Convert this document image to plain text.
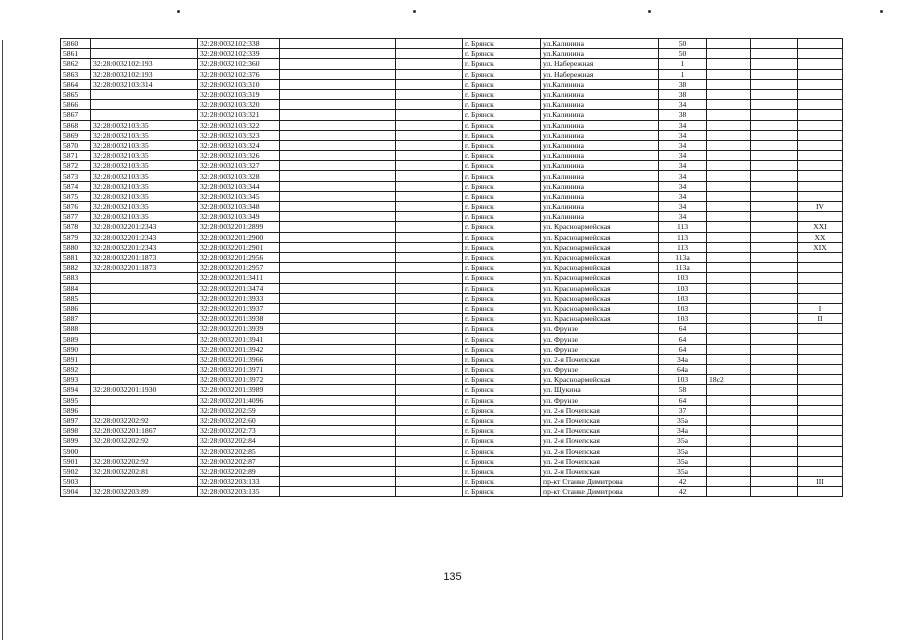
5860		32:28:0032102:338			г. Брянск	ул.Калинина	50			
5861		32:28:0032102:339			г. Брянск	ул.Калинина	50			
5862	32:28:0032102:193	32:28:0032102:360			г. Брянск	ул. Набережная	1			
5863	32:28:0032102:193	32:28:0032102:376			г. Брянск	ул. Набережная	1			
5864	32:28:0032103:314	32:28:0032103:310			г. Брянск	ул.Калинина	38			
5865		32:28:0032103:319			г. Брянск	ул.Калинина	38			
5866		32:28:0032103:320			г. Брянск	ул.Калинина	34			
5867		32:28:0032103:321			г. Брянск	ул.Калинина	38			
5868	32:28:0032103:35	32:28:0032103:322			г. Брянск	ул.Калинина	34			
5869	32:28:0032103:35	32:28:0032103:323			г. Брянск	ул.Калинина	34			
5870	32:28:0032103:35	32:28:0032103:324			г. Брянск	ул.Калинина	34			
5871	32:28:0032103:35	32:28:0032103:326			г. Брянск	ул.Калинина	34			
5872	32:28:0032103:35	32:28:0032103:327			г. Брянск	ул.Калинина	34			
5873	32:28:0032103:35	32:28:0032103:328			г. Брянск	ул.Калинина	34			
5874	32:28:0032103:35	32:28:0032103:344			г. Брянск	ул.Калинина	34			
5875	32:28:0032103:35	32:28:0032103:345			г. Брянск	ул.Калинина	34			
5876	32:28:0032103:35	32:28:0032103:348			г. Брянск	ул.Калинина	34			IV
5877	32:28:0032103:35	32:28:0032103:349			г. Брянск	ул.Калинина	34			
5878	32:28:0032201:2343	32:28:0032201:2899			г. Брянск	ул. Красноармейская	113			XXI
5879	32:28:0032201:2343	32:28:0032201:2900			г. Брянск	ул. Красноармейская	113			XX
5880	32:28:0032201:2343	32:28:0032201:2901			г. Брянск	ул. Красноармейская	113			XIX
5881	32:28:0032201:1873	32:28:0032201:2956			г. Брянск	ул. Красноармейская	113а			
5882	32:28:0032201:1873	32:28:0032201:2957			г. Брянск	ул. Красноармейская	113а			
5883		32:28:0032201:3411			г. Брянск	ул. Красноармейская	103			
5884		32:28:0032201:3474			г. Брянск	ул. Красноармейская	103			
5885		32:28:0032201:3933			г. Брянск	ул. Красноармейская	103			
5886		32:28:0032201:3937			г. Брянск	ул. Красноармейская	103			I
5887		32:28:0032201:3938			г. Брянск	ул. Красноармейская	103			II
5888		32:28:0032201:3939			г. Брянск	ул. Фрунзе	64			
5889		32:28:0032201:3941			г. Брянск	ул. Фрунзе	64			
5890		32:28:0032201:3942			г. Брянск	ул. Фрунзе	64			
5891		32:28:0032201:3966			г. Брянск	ул. 2-я Почепская	34а			
5892		32:28:0032201:3971			г. Брянск	ул. Фрунзе	64а			
5893		32:28:0032201:3972			г. Брянск	ул. Красноармейская	103	18с2		
5894	32:28:0032201:1930	32:28:0032201:3989			г. Брянск	ул. Щукина	58			
5895		32:28:0032201:4096			г. Брянск	ул. Фрунзе	64			
5896		32:28:0032202:59			г. Брянск	ул. 2-я Почепская	37			
5897	32:28:0032202:92	32:28:0032202:60			г. Брянск	ул. 2-я Почепская	35а			
5898	32:28:0032201:1867	32:28:0032202:73			г. Брянск	ул. 2-я Почепская	34а			
5899	32:28:0032202:92	32:28:0032202:84			г. Брянск	ул. 2-я Почепская	35а			
5900		32:28:0032202:85			г. Брянск	ул. 2-я Почепская	35а			
5901	32:28:0032202:92	32:28:0032202:87			г. Брянск	ул. 2-я Почепская	35а			
5902	32:28:0032202:81	32:28:0032202:89			г. Брянск	ул. 2-я Почепская	35а			
5903		32:28:0032203:133			г. Брянск	пр-кт Станке Димитрова	42			III
5904	32:28:0032203:89	32:28:0032203:135			г. Брянск	пр-кт Станке Димитрова	42			
135
